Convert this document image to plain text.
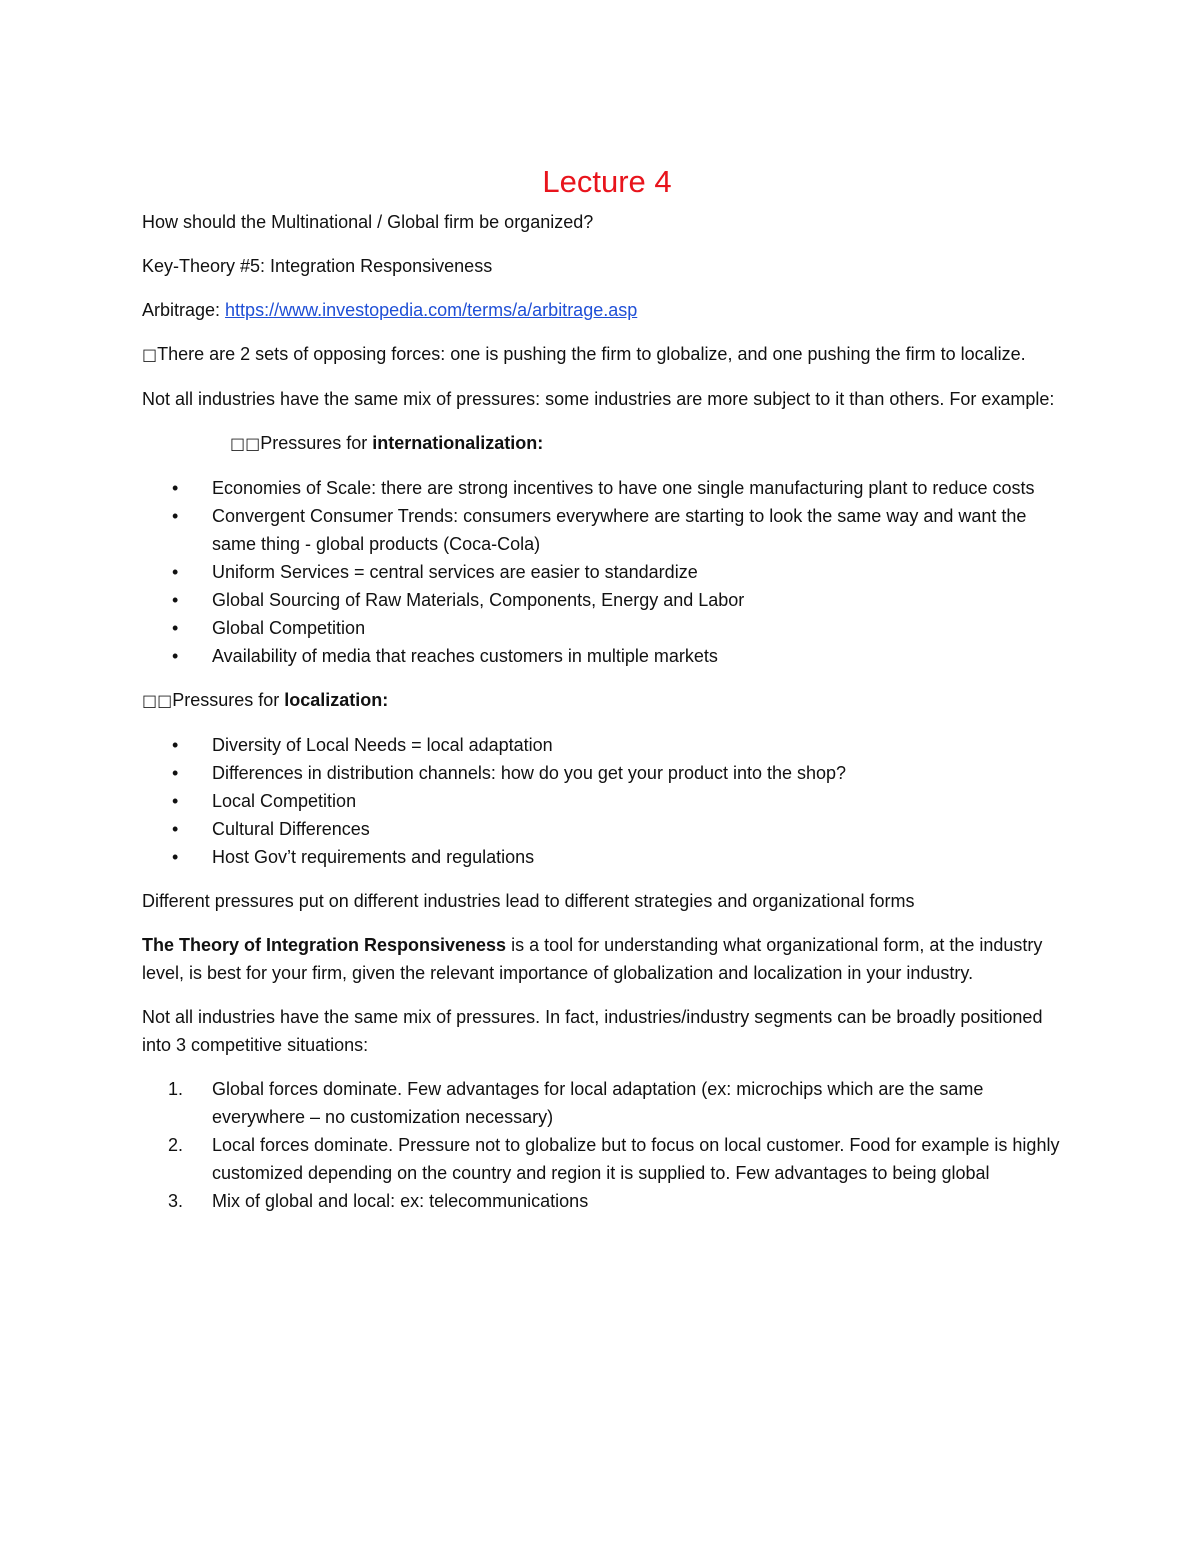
Lecture 4

How should the Multinational / Global firm be organized?

Key-Theory #5: Integration Responsiveness

Arbitrage: https://www.investopedia.com/terms/a/arbitrage.asp

□There are 2 sets of opposing forces: one is pushing the firm to globalize, and one pushing the firm to localize.

Not all industries have the same mix of pressures: some industries are more subject to it than others. For example:

□□Pressures for internationalization:

• Economies of Scale: there are strong incentives to have one single manufacturing plant to reduce costs
• Convergent Consumer Trends: consumers everywhere are starting to look the same way and want the same thing - global products (Coca-Cola)
• Uniform Services = central services are easier to standardize
• Global Sourcing of Raw Materials, Components, Energy and Labor
• Global Competition
• Availability of media that reaches customers in multiple markets

□□Pressures for localization:

• Diversity of Local Needs = local adaptation
• Differences in distribution channels: how do you get your product into the shop?
• Local Competition
• Cultural Differences
• Host Gov’t requirements and regulations

Different pressures put on different industries lead to different strategies and organizational forms

The Theory of Integration Responsiveness is a tool for understanding what organizational form, at the industry level, is best for your firm, given the relevant importance of globalization and localization in your industry.

Not all industries have the same mix of pressures. In fact, industries/industry segments can be broadly positioned into 3 competitive situations:

1. Global forces dominate. Few advantages for local adaptation (ex: microchips which are the same everywhere – no customization necessary)
2. Local forces dominate. Pressure not to globalize but to focus on local customer. Food for example is highly customized depending on the country and region it is supplied to. Few advantages to being global
3. Mix of global and local: ex: telecommunications
